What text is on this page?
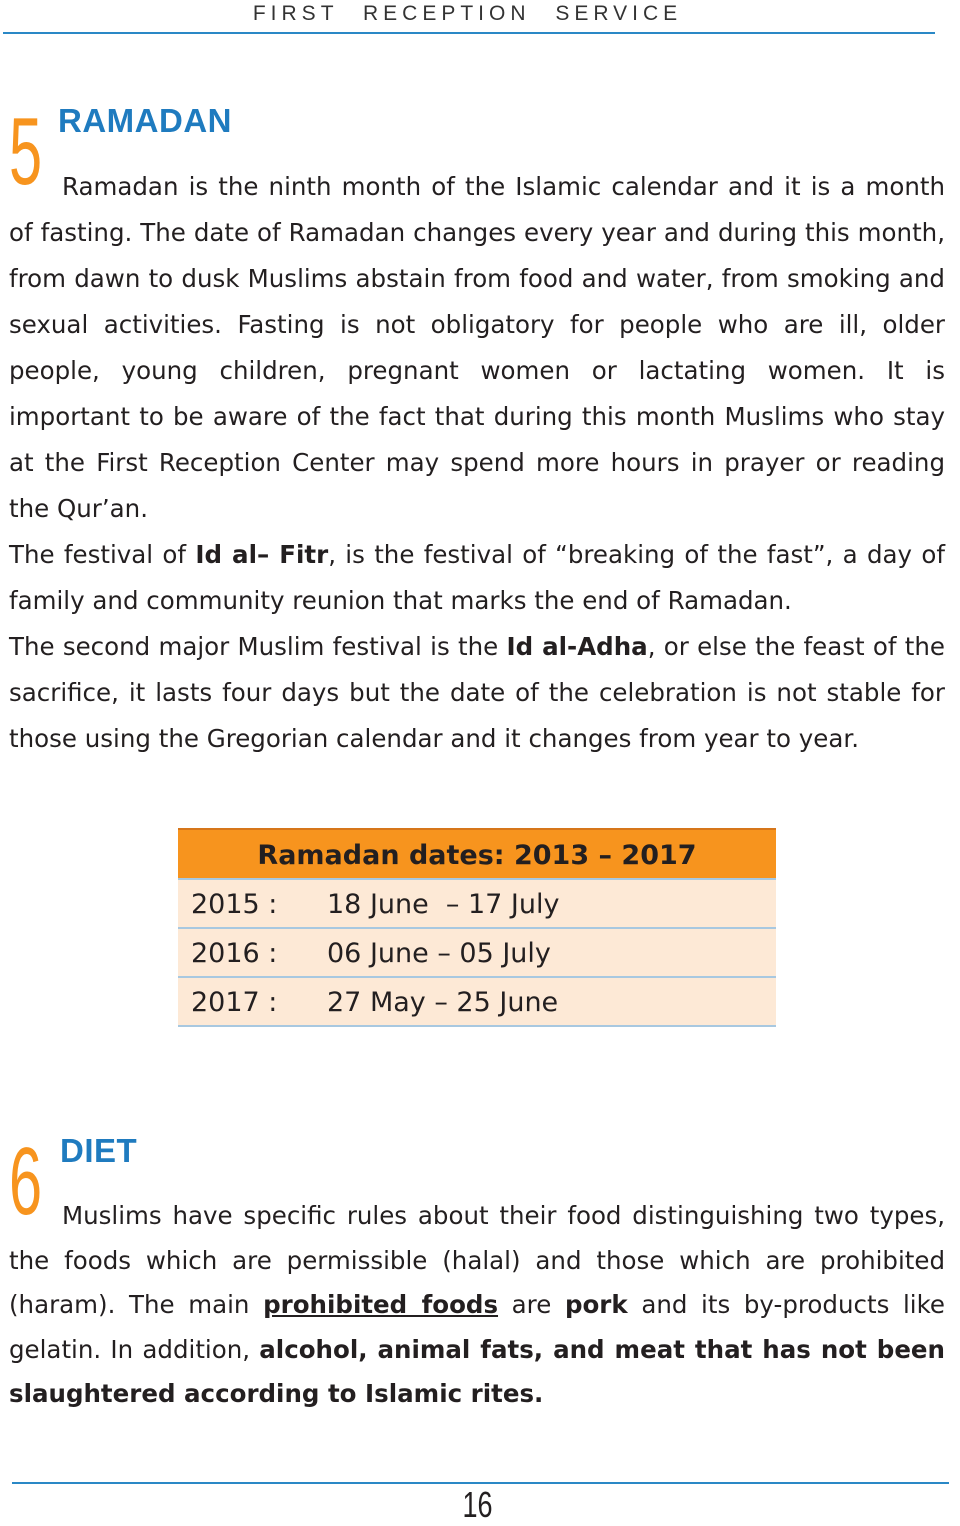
FIRST RECEPTION SERVICE
5 RAMADAN

Ramadan is the ninth month of the Islamic calendar and it is a month of fasting. The date of Ramadan changes every year and during this month, from dawn to dusk Muslims abstain from food and water, from smoking and sexual activities. Fasting is not obligatory for people who are ill, older people, young children, pregnant women or lactating women. It is important to be aware of the fact that during this month Muslims who stay at the First Reception Center may spend more hours in prayer or reading the Qur’an.

The festival of Id al– Fitr, is the festival of “breaking of the fast”, a day of family and community reunion that marks the end of Ramadan.

The second major Muslim festival is the Id al-Adha, or else the feast of the sacrifice, it lasts four days but the date of the celebration is not stable for those using the Gregorian calendar and it changes from year to year.

Ramadan dates: 2013 – 2017
2015 : 18 June  – 17 July
2016 : 06 June – 05 July
2017 : 27 May – 25 June
6 DIET

Muslims have specific rules about their food distinguishing two types, the foods which are permissible (halal) and those which are prohibited (haram). The main prohibited foods are pork and its by-products like gelatin. In addition, alcohol, animal fats, and meat that has not been slaughtered according to Islamic rites.

16
